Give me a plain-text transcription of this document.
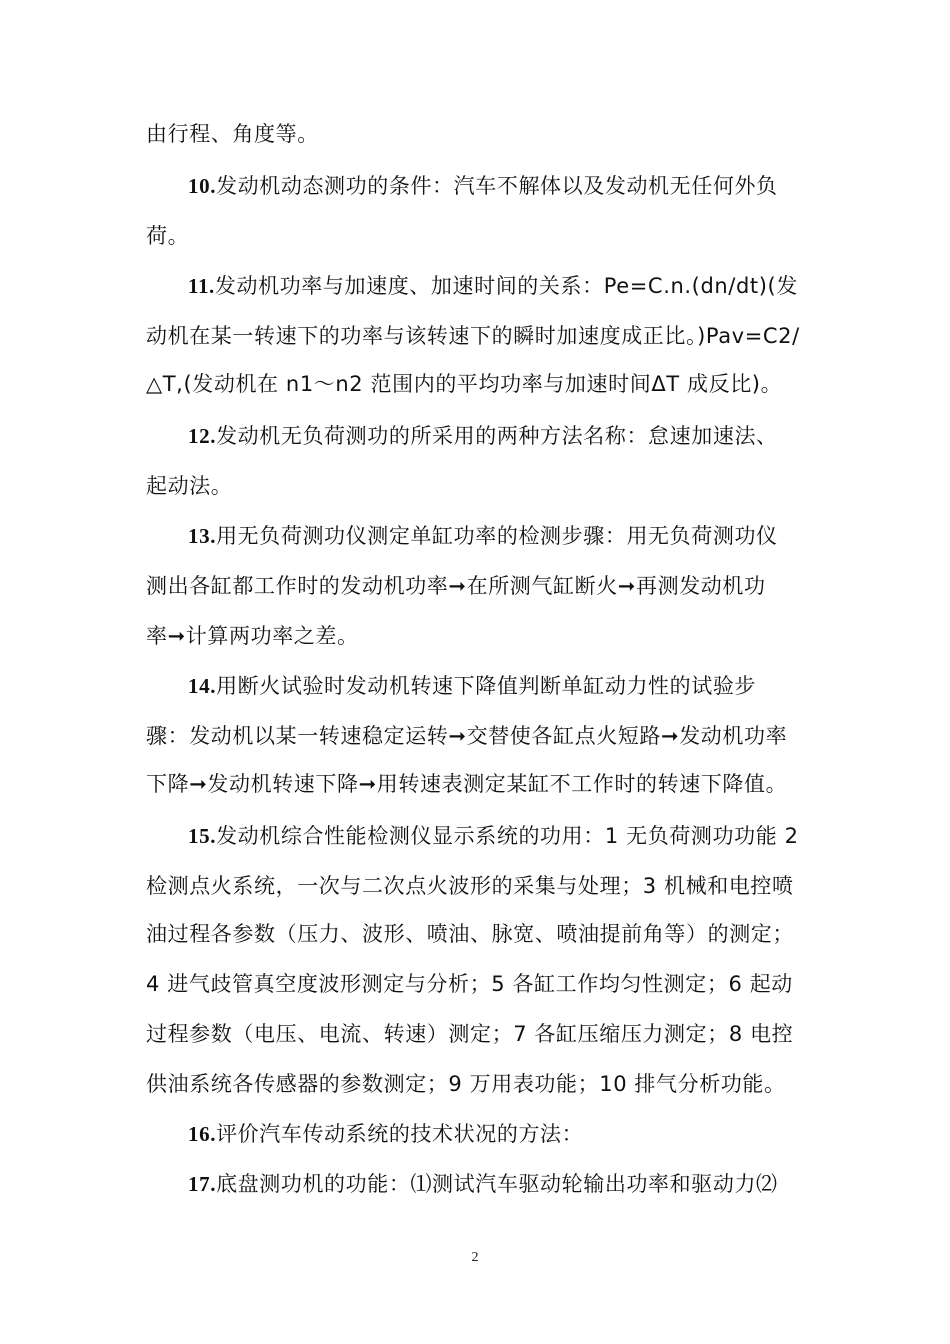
由行程、角度等。
10.发动机动态测功的条件：汽车不解体以及发动机无任何外负
荷。
11.发动机功率与加速度、加速时间的关系：Pe=C.n.(dn/dt)(发
动机在某一转速下的功率与该转速下的瞬时加速度成正比。)Pav=C2/
△T,(发动机在 n1～n2 范围内的平均功率与加速时间ΔT 成反比)。
12.发动机无负荷测功的所采用的两种方法名称：怠速加速法、
起动法。
13.用无负荷测功仪测定单缸功率的检测步骤：用无负荷测功仪
测出各缸都工作时的发动机功率➞在所测气缸断火➞再测发动机功
率➞计算两功率之差。
14.用断火试验时发动机转速下降值判断单缸动力性的试验步
骤：发动机以某一转速稳定运转➞交替使各缸点火短路➞发动机功率
下降➞发动机转速下降➞用转速表测定某缸不工作时的转速下降值。
15.发动机综合性能检测仪显示系统的功用：1 无负荷测功功能 2
检测点火系统，一次与二次点火波形的采集与处理；3 机械和电控喷
油过程各参数（压力、波形、喷油、脉宽、喷油提前角等）的测定；
4 进气歧管真空度波形测定与分析；5 各缸工作均匀性测定；6 起动
过程参数（电压、电流、转速）测定；7 各缸压缩压力测定；8 电控
供油系统各传感器的参数测定；9 万用表功能；10 排气分析功能。
16.评价汽车传动系统的技术状况的方法：
17.底盘测功机的功能：⑴测试汽车驱动轮输出功率和驱动力⑵
2
